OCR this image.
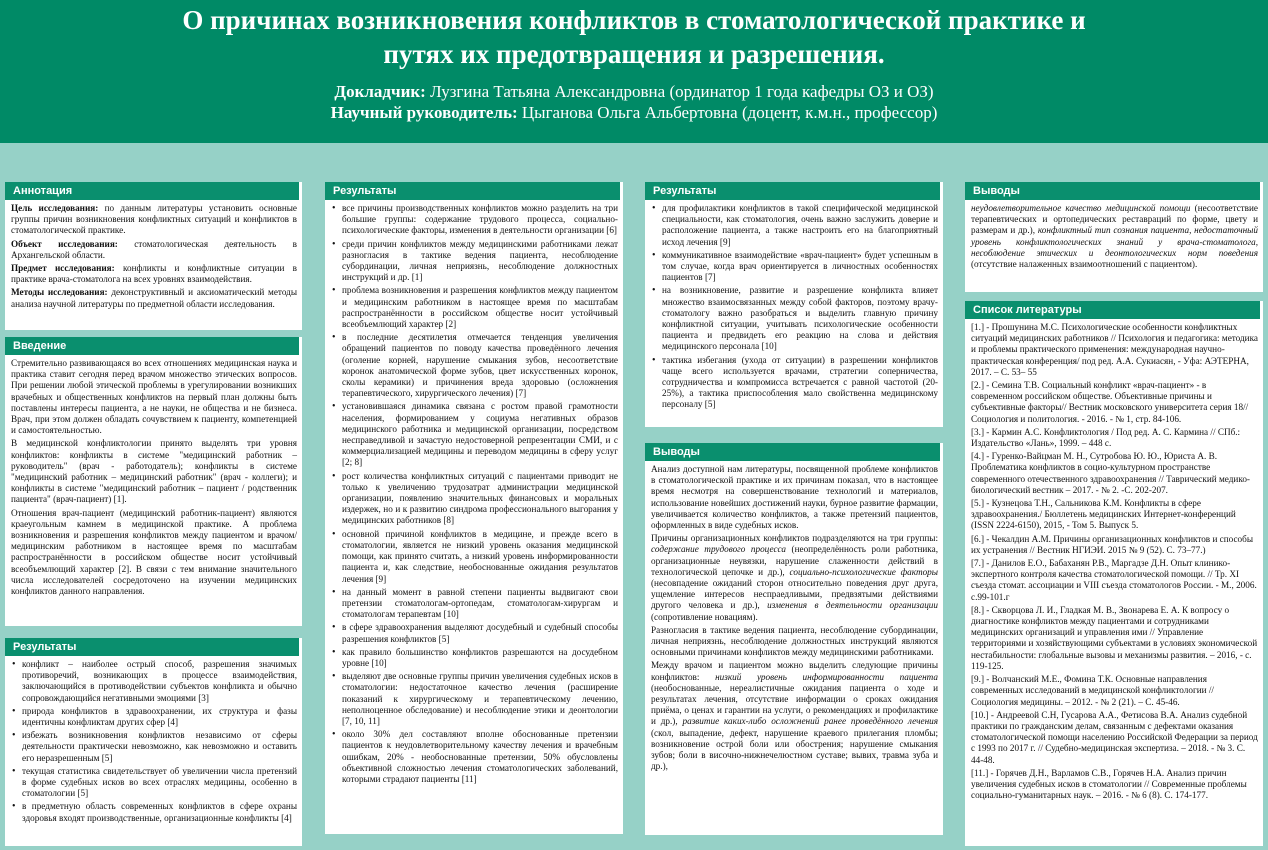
О причинах возникновения конфликтов в стоматологической практике и
путях их предотвращения и разрешения.
Докладчик: Лузгина Татьяна Александровна (ординатор 1 года кафедры ОЗ и ОЗ)
Научный руководитель: Цыганова Ольга Альбертовна (доцент, к.м.н., профессор)
Аннотация

Цель исследования: по данным литературы установить основные группы причин возникновения конфликтных ситуаций и конфликтов в стоматологической практике.

Объект исследования: стоматологическая деятельность в Архангельской области.

Предмет исследования: конфликты и конфликтные ситуации в практике врача-стоматолога на всех уровнях взаимодействия.

Методы исследования: деконструктивный и аксиоматический методы анализа научной литературы по предметной области исследования.

Введение

Стремительно развивающаяся во всех отношениях медицинская наука и практика ставит сегодня перед врачом множество этических вопросов. При решении любой этической проблемы в урегулировании возникших врачебных и общественных конфликтов на первый план должны быть поставлены интересы пациента, а не науки, не общества и не бизнеса. Врач, при этом должен обладать сочувствием к пациенту, компетенцией и самостоятельностью.

В медицинской конфликтологии принято выделять три уровня конфликтов: конфликты в системе "медицинский работник – руководитель" (врач - работодатель); конфликты в системе "медицинский работник – медицинский работник" (врач - коллеги); и конфликты в системе "медицинский работник – пациент / родственник пациента" (врач-пациент) [1].

Отношения врач-пациент (медицинский работник-пациент) являются краеугольным камнем в медицинской практике. А проблема возникновения и разрешения конфликтов между пациентом и врачом/медицинским работником в настоящее время по масштабам распространённости в российском обществе носит устойчивый всеобъемлющий характер [2]. В связи с тем внимание значительного числа исследователей сосредоточено на изучении медицинских конфликтов данного направления.

Результаты
• конфликт – наиболее острый способ, разрешения значимых противоречий, возникающих в процессе взаимодействия, заключающийся в противодействии субъектов конфликта и обычно сопровождающийся негативными эмоциями [3]
• природа конфликтов в здравоохранении, их структура и фазы идентичны конфликтам других сфер [4]
• избежать возникновения конфликтов независимо от сферы деятельности практически невозможно, как невозможно и оставить его неразрешенным [5]
• текущая статистика свидетельствует об увеличении числа претензий в форме судебных исков во всех отраслях медицины, особенно в стоматологии [5]
• в предметную область современных конфликтов в сфере охраны здоровья входят производственные, организационные конфликты [4]
Результаты
• все причины производственных конфликтов можно разделить на три большие группы: содержание трудового процесса, социально-психологические факторы, изменения в деятельности организации [6]
• среди причин конфликтов между медицинскими работниками лежат разногласия в тактике ведения пациента, несоблюдение субординации, личная неприязнь, несоблюдение должностных инструкций и др. [1]
• проблема возникновения и разрешения конфликтов между пациентом и медицинским работником в настоящее время по масштабам распространённости в российском обществе носит устойчивый всеобъемлющий характер [2]
• в последние десятилетия отмечается тенденция увеличения обращений пациентов по поводу качества проведённого лечения (оголение корней, нарушение смыкания зубов, несоответствие коронок анатомической форме зубов, цвет искусственных коронок, сколы керамики) и причинения вреда здоровью (осложнения терапевтического, хирургического лечения) [7]
• установившаяся динамика связана с ростом правой грамотности населения, формированием у социума негативных образов медицинского работника и медицинской организации, посредством несправедливой и зачастую недостоверной репрезентации СМИ, и с коммерциализацией медицины и переводом медицины в сферу услуг [2; 8]
• рост количества конфликтных ситуаций с пациентами приводит не только к увеличению трудозатрат администрации медицинской организации, появлению значительных финансовых и моральных издержек, но и к развитию синдрома профессионального выгорания у медицинских работников [8]
• основной причиной конфликтов в медицине, и прежде всего в стоматологии, является не низкий уровень оказания медицинской помощи, как принято считать, а низкий уровень информированности пациента и, как следствие, необоснованные ожидания результатов лечения [9]
• на данный момент в равной степени пациенты выдвигают свои претензии стоматологам-ортопедам, стоматологам-хирургам и стоматологам терапевтам [10]
• в сфере здравоохранения выделяют досудебный и судебный способы разрешения конфликтов [5]
• как правило большинство конфликтов разрешаются на досудебном уровне [10]
• выделяют две основные группы причин увеличения судебных исков в стоматологии: недостаточное качество лечения (расширение показаний к хирургическому и терапевтическому лечению, неполноценное обследование) и несоблюдение этики и деонтологии [7, 10, 11]
• около 30% дел составляют вполне обоснованные претензии пациентов к неудовлетворительному качеству лечения и врачебным ошибкам, 20% - необоснованные претензии, 50% обусловлены объективной сложностью лечения стоматологических заболеваний, которыми страдают пациенты [11]
Результаты
• для профилактики конфликтов в такой специфической медицинской специальности, как стоматология, очень важно заслужить доверие и расположение пациента, а также настроить его на благоприятный исход лечения [9]
• коммуникативное взаимодействие «врач-пациент» будет успешным в том случае, когда врач ориентируется в личностных особенностях пациентов [7]
• на возникновение, развитие и разрешение конфликта влияет множество взаимосвязанных между собой факторов, поэтому врачу-стоматологу важно разобраться и выделить главную причину конфликтной ситуации, учитывать психологические особенности пациента и предвидеть его реакцию на слова и действия медицинского персонала [10]
• тактика избегания (ухода от ситуации) в разрешении конфликтов чаще всего используется врачами, стратегии соперничества, сотрудничества и компромисса встречается с равной частотой (20-25%), а тактика приспособления мало свойственна медицинскому персоналу [5]
Выводы

Анализ доступной нам литературы, посвященной проблеме конфликтов в стоматологической практике и их причинам показал, что в настоящее время несмотря на совершенствование технологий и материалов, использование новейших достижений науки, бурное развитие фармации, увеличивается количество конфликтов, а также претензий пациентов, оформленных в виде судебных исков.

Причины организационных конфликтов подразделяются на три группы: содержание трудового процесса (неопределённость роли работника, организационные неувязки, нарушение слаженности действий в технологической цепочке и др.), социально-психологические факторы (несовпадение ожиданий сторон относительно поведения друг друга, ущемление интересов неспраедливыми, предвзятыми действиями другого человека и др.), изменения в деятельности организации (сопротивление новациям).

Разногласия в тактике ведения пациента, несоблюдение субординации, личная неприязнь, несоблюдение должностных инструкций являются основными причинами конфликтов между медицинскими работниками.

Между врачом и пациентом можно выделить следующие причины конфликтов: низкий уровень информированности пациента (необоснованные, нереалистичные ожидания пациента о ходе и результатах лечения, отсутствие информации о сроках ожидания приёма, о ценах и гарантии на услуги, о рекомендациях и профилактике и др.), развитие каких-либо осложнений ранее проведённого лечения (скол, выпадение, дефект, нарушение краевого прилегания пломбы; возникновение острой боли или обострения; нарушение смыкания зубов; боли в височно-нижнечелюстном суставе; вывих, травма зуба и др.),

Выводы

неудовлетворительное качество медицинской помощи (несоответствие терапевтических и ортопедических реставраций по форме, цвету и размерам и др.), конфликтный тип сознания пациента, недостаточный уровень конфликтологических знаний у врача-стоматолога, несоблюдение этических и деонтологических норм поведения (отсутствие налаженных взаимоотношений с пациентом).

Список литературы

[1.] - Прошунина М.С. Психологические особенности конфликтных ситуаций медицинских работников // Психология и педагогика: методика и проблемы практического применения: международная научно-практическая конференция/ под ред. А.А. Сукиасян, - Уфа: АЭТЕРНА, 2017. – С. 53– 55

[2.] - Семина Т.В. Социальный конфликт «врач-пациент» - в современном российском обществе. Объективные причины и субъективные факторы// Вестник московского университета серия 18// Социология и политология. - 2016. - № 1, стр. 84-106.

[3.] - Кармин А.С. Конфликтология / Под ред. А. С. Кармина // СПб.: Издательство «Лань», 1999. – 448 с.

[4.] - Гуренко-Вайцман М. Н., Сутробова Ю. Ю., Юриста А. В. Проблематика конфликтов в социо-культурном пространстве современного отечественного здравоохранения // Таврический медико-биологический вестник – 2017. - № 2. -С. 202-207.

[5.] - Кузнецова Т.Н., Сальникова К.М. Конфликты в сфере здравоохранения./ Бюллетень медицинских Интернет-конференций (ISSN 2224-6150), 2015, - Том 5. Выпуск 5.

[6.] - Чекалдин А.М. Причины организационных конфликтов и способы их устранения // Вестник НГИЭИ. 2015 № 9 (52). С. 73–77.)

[7.] - Данилов Е.О., Бабаханян Р.В., Маргадзе Д.Н. Опыт клинико-экспертного контроля качества стоматологической помощи. // Тр. XI съезда стомат. ассоциации и VIII съезда стоматологов России. - М., 2006. с.99-101.г

[8.] - Скворцова Л. И., Гладкая М. В., Звонарева Е. А. К вопросу о диагностике конфликтов между пациентами и сотрудниками медицинских организаций и управления ими // Управление территориями и хозяйствующими субъектами в условиях экономической нестабильности: глобальные вызовы и механизмы развития. – 2016, - с. 119-125.

[9.] - Волчанский М.Е., Фомина Т.К. Основные направления современных исследований в медицинской конфликтологии //Социология медицины. – 2012. - № 2 (21). – С. 45-46.

[10.] - Андреевой С.Н, Гусарова А.А., Фетисова В.А. Анализ судебной практики по гражданским делам, связанным с дефектами оказания стоматологической помощи населению Российской Федерации за период с 1993 по 2017 г. // Судебно-медицинская экспертиза. – 2018. - № 3. С. 44-48.

[11.] - Горячев Д.Н., Варламов С.В., Горячев Н.А. Анализ причин увеличения судебных исков в стоматологии // Современные проблемы социально-гуманитарных наук. – 2016. - № 6 (8). С. 174-177.
